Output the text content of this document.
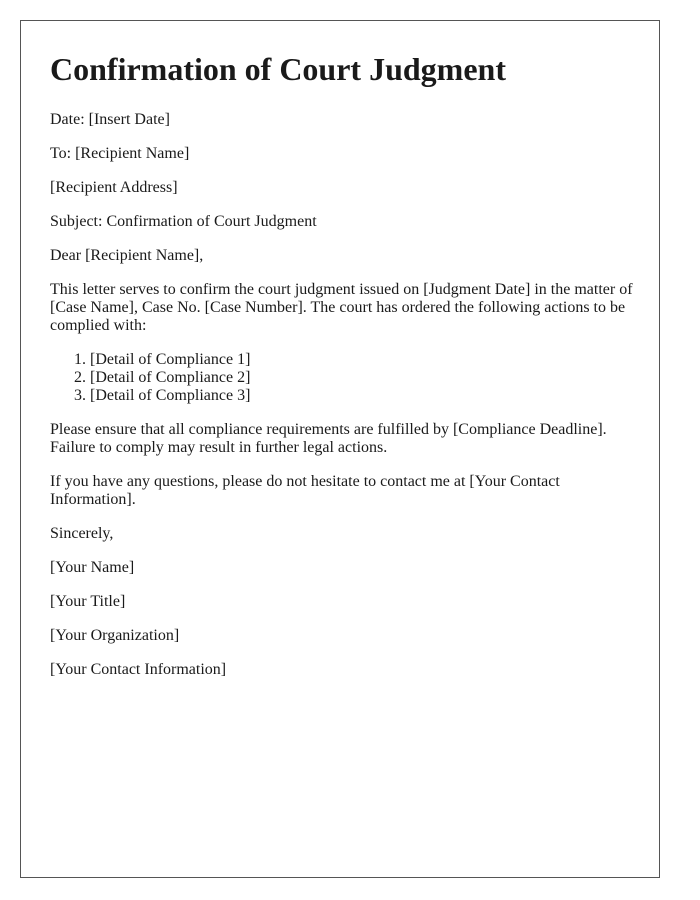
Confirmation of Court Judgment

Date: [Insert Date]

To: [Recipient Name]

[Recipient Address]

Subject: Confirmation of Court Judgment

Dear [Recipient Name],

This letter serves to confirm the court judgment issued on [Judgment Date] in the matter of [Case Name], Case No. [Case Number]. The court has ordered the following actions to be complied with:

1. [Detail of Compliance 1]
2. [Detail of Compliance 2]
3. [Detail of Compliance 3]

Please ensure that all compliance requirements are fulfilled by [Compliance Deadline]. Failure to comply may result in further legal actions.

If you have any questions, please do not hesitate to contact me at [Your Contact Information].

Sincerely,

[Your Name]

[Your Title]

[Your Organization]

[Your Contact Information]
